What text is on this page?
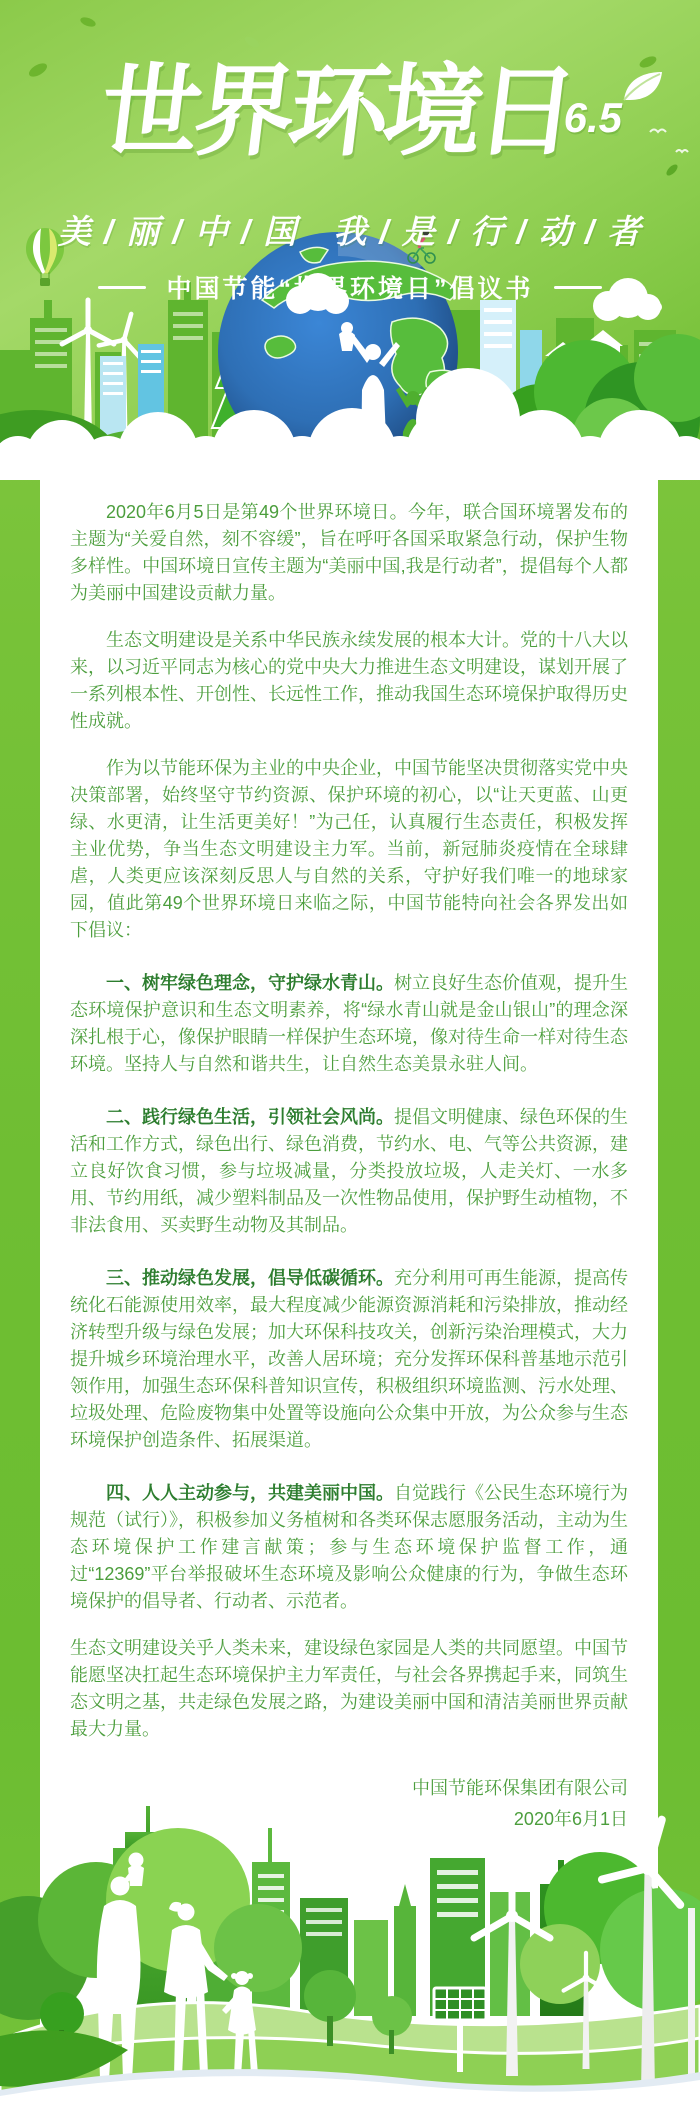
世界环境日
6.5
美 / 丽 / 中 / 国　我 / 是 / 行 / 动 / 者
中国节能“世界环境日”倡议书

2020年6月5日是第49个世界环境日。今年，联合国环境署发布的主题为“关爱自然，刻不容缓”，旨在呼吁各国采取紧急行动，保护生物多样性。中国环境日宣传主题为“美丽中国,我是行动者”，提倡每个人都为美丽中国建设贡献力量。

生态文明建设是关系中华民族永续发展的根本大计。党的十八大以来，以习近平同志为核心的党中央大力推进生态文明建设，谋划开展了一系列根本性、开创性、长远性工作，推动我国生态环境保护取得历史性成就。

作为以节能环保为主业的中央企业，中国节能坚决贯彻落实党中央决策部署，始终坚守节约资源、保护环境的初心，以“让天更蓝、山更绿、水更清，让生活更美好！”为己任，认真履行生态责任，积极发挥主业优势，争当生态文明建设主力军。当前，新冠肺炎疫情在全球肆虐，人类更应该深刻反思人与自然的关系，守护好我们唯一的地球家园，值此第49个世界环境日来临之际，中国节能特向社会各界发出如下倡议：

一、树牢绿色理念，守护绿水青山。树立良好生态价值观，提升生态环境保护意识和生态文明素养，将“绿水青山就是金山银山”的理念深深扎根于心，像保护眼睛一样保护生态环境，像对待生命一样对待生态环境。坚持人与自然和谐共生，让自然生态美景永驻人间。

二、践行绿色生活，引领社会风尚。提倡文明健康、绿色环保的生活和工作方式，绿色出行、绿色消费，节约水、电、气等公共资源，建立良好饮食习惯，参与垃圾减量，分类投放垃圾，人走关灯、一水多用、节约用纸，减少塑料制品及一次性物品使用，保护野生动植物，不非法食用、买卖野生动物及其制品。

三、推动绿色发展，倡导低碳循环。充分利用可再生能源，提高传统化石能源使用效率，最大程度减少能源资源消耗和污染排放，推动经济转型升级与绿色发展；加大环保科技攻关，创新污染治理模式，大力提升城乡环境治理水平，改善人居环境；充分发挥环保科普基地示范引领作用，加强生态环保科普知识宣传，积极组织环境监测、污水处理、垃圾处理、危险废物集中处置等设施向公众集中开放，为公众参与生态环境保护创造条件、拓展渠道。

四、人人主动参与，共建美丽中国。自觉践行《公民生态环境行为规范（试行）》，积极参加义务植树和各类环保志愿服务活动，主动为生态环境保护工作建言献策；参与生态环境保护监督工作，通过“12369”平台举报破坏生态环境及影响公众健康的行为，争做生态环境保护的倡导者、行动者、示范者。

生态文明建设关乎人类未来，建设绿色家园是人类的共同愿望。中国节能愿坚决扛起生态环境保护主力军责任，与社会各界携起手来，同筑生态文明之基，共走绿色发展之路，为建设美丽中国和清洁美丽世界贡献最大力量。

中国节能环保集团有限公司
2020年6月1日
